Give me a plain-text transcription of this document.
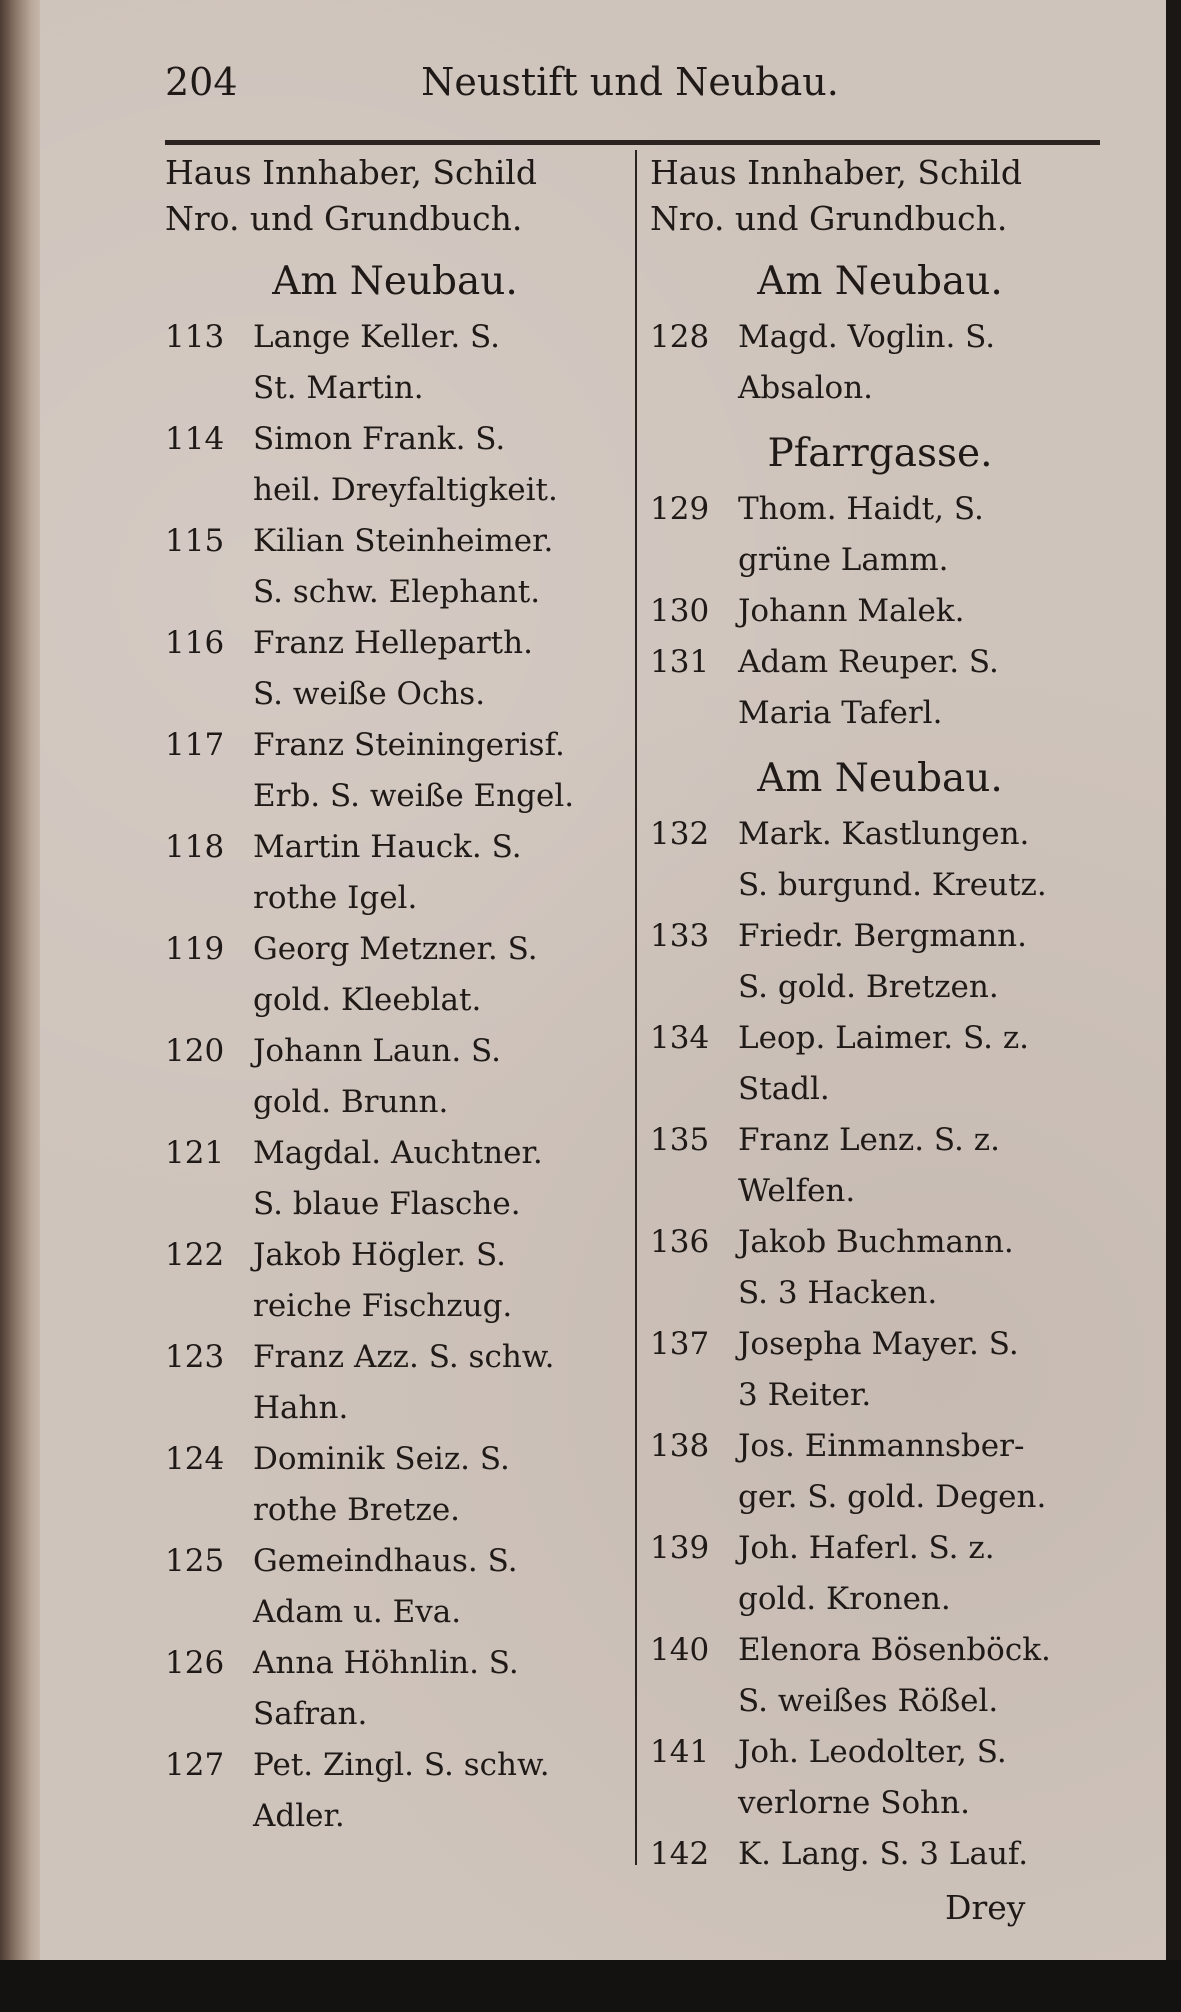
204	Neustift und Neubau.
Haus Innhaber, Schild
Nro. und Grundbuch.
Am Neubau.
113 Lange Keller. S.
St. Martin.
114 Simon Frank. S.
heil. Dreyfaltigkeit.
115 Kilian Steinheimer.
S. schw. Elephant.
116 Franz Helleparth.
S. weiße Ochs.
117 Franz Steiningerisf.
Erb. S. weiße Engel.
118 Martin Hauck. S.
rothe Igel.
119 Georg Metzner. S.
gold. Kleeblat.
120 Johann Laun. S.
gold. Brunn.
121 Magdal. Auchtner.
S. blaue Flasche.
122 Jakob Högler. S.
reiche Fischzug.
123 Franz Azz. S. schw.
Hahn.
124 Dominik Seiz. S.
rothe Bretze.
125 Gemeindhaus. S.
Adam u. Eva.
126 Anna Höhnlin. S.
Safran.
127 Pet. Zingl. S. schw.
Adler.
Haus Innhaber, Schild
Nro. und Grundbuch.
Am Neubau.
128 Magd. Voglin. S.
Absalon.
Pfarrgasse.
129 Thom. Haidt, S.
grüne Lamm.
130 Johann Malek.
131 Adam Reuper. S.
Maria Taferl.
Am Neubau.
132 Mark. Kastlungen.
S. burgund. Kreutz.
133 Friedr. Bergmann.
S. gold. Bretzen.
134 Leop. Laimer. S. z.
Stadl.
135 Franz Lenz. S. z.
Welfen.
136 Jakob Buchmann.
S. 3 Hacken.
137 Josepha Mayer. S.
3 Reiter.
138 Jos. Einmannsber-
ger. S. gold. Degen.
139 Joh. Haferl. S. z.
gold. Kronen.
140 Elenora Bösenböck.
S. weißes Rößel.
141 Joh. Leodolter, S.
verlorne Sohn.
142 K. Lang. S. 3 Lauf.
Drey
